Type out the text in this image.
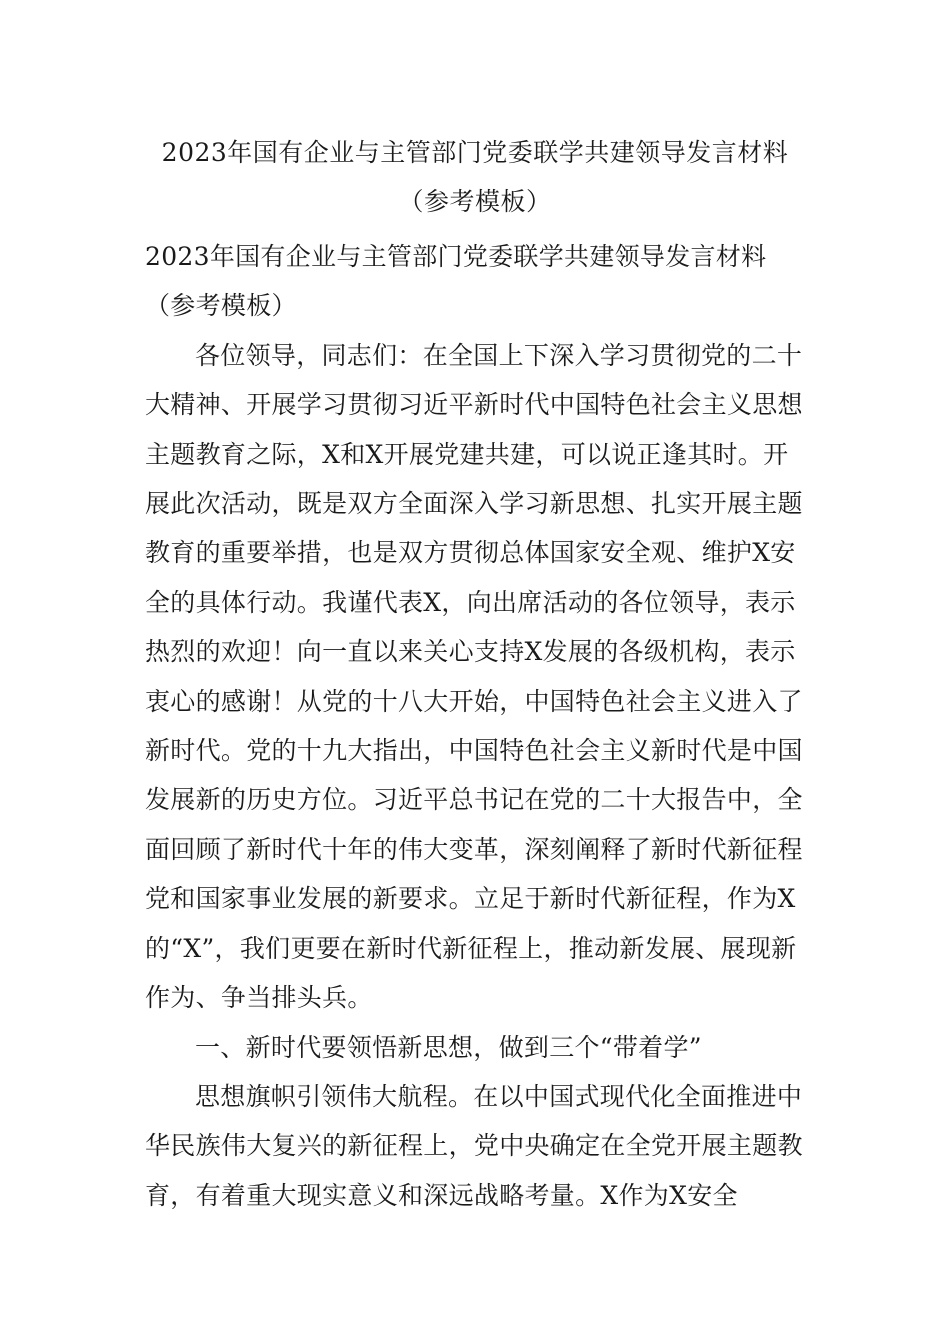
2023年国有企业与主管部门党委联学共建领导发言材料
（参考模板）

2023年国有企业与主管部门党委联学共建领导发言材料（参考模板）

各位领导，同志们：在全国上下深入学习贯彻党的二十大精神、开展学习贯彻习近平新时代中国特色社会主义思想主题教育之际，X和X开展党建共建，可以说正逢其时。开展此次活动，既是双方全面深入学习新思想、扎实开展主题教育的重要举措，也是双方贯彻总体国家安全观、维护X安全的具体行动。我谨代表X，向出席活动的各位领导，表示热烈的欢迎！向一直以来关心支持X发展的各级机构，表示衷心的感谢！从党的十八大开始，中国特色社会主义进入了新时代。党的十九大指出，中国特色社会主义新时代是中国发展新的历史方位。习近平总书记在党的二十大报告中，全面回顾了新时代十年的伟大变革，深刻阐释了新时代新征程党和国家事业发展的新要求。立足于新时代新征程，作为X的“X”，我们更要在新时代新征程上，推动新发展、展现新作为、争当排头兵。

一、新时代要领悟新思想，做到三个“带着学”

思想旗帜引领伟大航程。在以中国式现代化全面推进中华民族伟大复兴的新征程上，党中央确定在全党开展主题教育，有着重大现实意义和深远战略考量。X作为X安全
